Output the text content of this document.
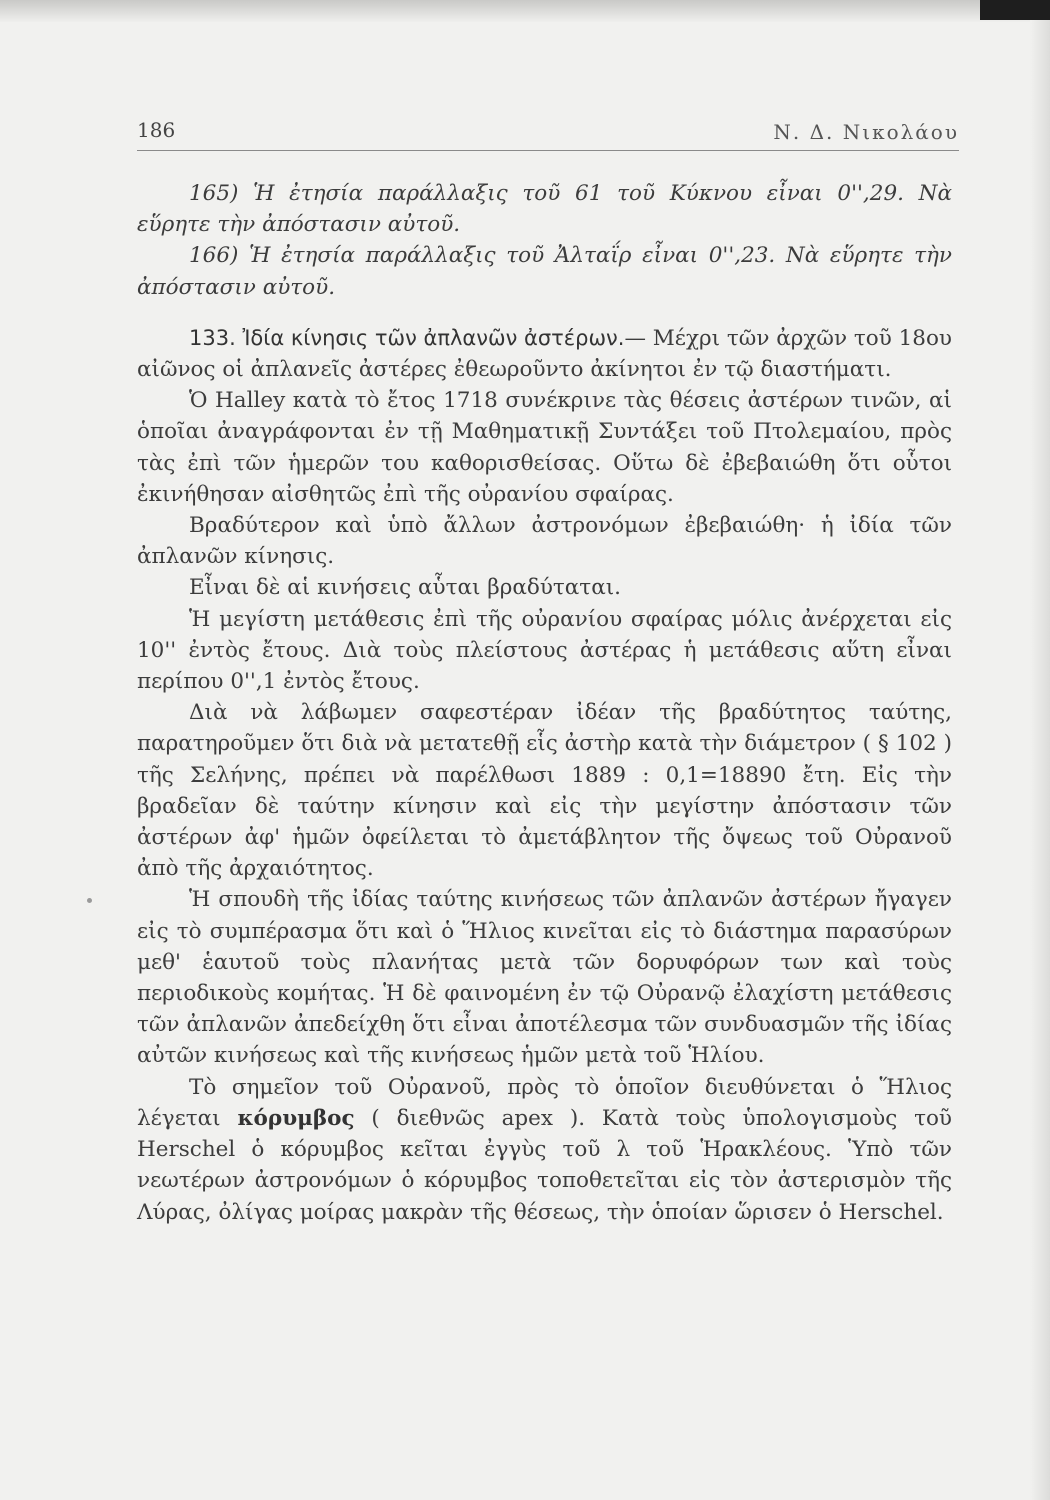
186	Ν. Δ. Νικολάου

165) Ἡ ἐτησία παράλλαξις τοῦ 61 τοῦ Κύκνου εἶναι 0'',29. Νὰ εὕρητε τὴν ἀπόστασιν αὐτοῦ.

166) Ἡ ἐτησία παράλλαξις τοῦ Ἀλταΐρ εἶναι 0'',23. Νὰ εὕρητε τὴν ἀπόστασιν αὐτοῦ.

133. Ἰδία κίνησις τῶν ἀπλανῶν ἀστέρων.— Μέχρι τῶν ἀρχῶν τοῦ 18ου αἰῶνος οἱ ἀπλανεῖς ἀστέρες ἐθεωροῦντο ἀκίνητοι ἐν τῷ διαστήματι.

Ὁ Halley κατὰ τὸ ἔτος 1718 συνέκρινε τὰς θέσεις ἀστέρων τινῶν, αἱ ὁποῖαι ἀναγράφονται ἐν τῇ Μαθηματικῇ Συντάξει τοῦ Πτολεμαίου, πρὸς τὰς ἐπὶ τῶν ἡμερῶν του καθορισθείσας. Οὕτω δὲ ἐβεβαιώθη ὅτι οὗτοι ἐκινήθησαν αἰσθητῶς ἐπὶ τῆς οὐρανίου σφαίρας.

Βραδύτερον καὶ ὑπὸ ἄλλων ἀστρονόμων ἐβεβαιώθη· ἡ ἰδία τῶν ἀπλανῶν κίνησις.

Εἶναι δὲ αἱ κινήσεις αὗται βραδύταται.

Ἡ μεγίστη μετάθεσις ἐπὶ τῆς οὐρανίου σφαίρας μόλις ἀνέρχεται εἰς 10'' ἐντὸς ἔτους. Διὰ τοὺς πλείστους ἀστέρας ἡ μετάθεσις αὕτη εἶναι περίπου 0'',1 ἐντὸς ἔτους.

Διὰ νὰ λάβωμεν σαφεστέραν ἰδέαν τῆς βραδύτητος ταύτης, παρατηροῦμεν ὅτι διὰ νὰ μετατεθῇ εἷς ἀστὴρ κατὰ τὴν διάμετρον ( § 102 ) τῆς Σελήνης, πρέπει νὰ παρέλθωσι 1889 : 0,1=18890 ἔτη. Εἰς τὴν βραδεῖαν δὲ ταύτην κίνησιν καὶ εἰς τὴν μεγίστην ἀπόστασιν τῶν ἀστέρων ἀφ' ἡμῶν ὀφείλεται τὸ ἀμετάβλητον τῆς ὄψεως τοῦ Οὐρανοῦ ἀπὸ τῆς ἀρχαιότητος.

Ἡ σπουδὴ τῆς ἰδίας ταύτης κινήσεως τῶν ἀπλανῶν ἀστέρων ἤγαγεν εἰς τὸ συμπέρασμα ὅτι καὶ ὁ Ἥλιος κινεῖται εἰς τὸ διάστημα παρασύρων μεθ' ἑαυτοῦ τοὺς πλανήτας μετὰ τῶν δορυφόρων των καὶ τοὺς περιοδικοὺς κομήτας. Ἡ δὲ φαινομένη ἐν τῷ Οὐρανῷ ἐλαχίστη μετάθεσις τῶν ἀπλανῶν ἀπεδείχθη ὅτι εἶναι ἀποτέλεσμα τῶν συνδυασμῶν τῆς ἰδίας αὐτῶν κινήσεως καὶ τῆς κινήσεως ἡμῶν μετὰ τοῦ Ἡλίου.

Τὸ σημεῖον τοῦ Οὐρανοῦ, πρὸς τὸ ὁποῖον διευθύνεται ὁ Ἥλιος λέγεται κόρυμβος ( διεθνῶς apex ). Κατὰ τοὺς ὑπολογισμοὺς τοῦ Herschel ὁ κόρυμβος κεῖται ἐγγὺς τοῦ λ τοῦ Ἡρακλέους. Ὑπὸ τῶν νεωτέρων ἀστρονόμων ὁ κόρυμβος τοποθετεῖται εἰς τὸν ἀστερισμὸν τῆς Λύρας, ὀλίγας μοίρας μακρὰν τῆς θέσεως, τὴν ὁποίαν ὥρισεν ὁ Herschel.
